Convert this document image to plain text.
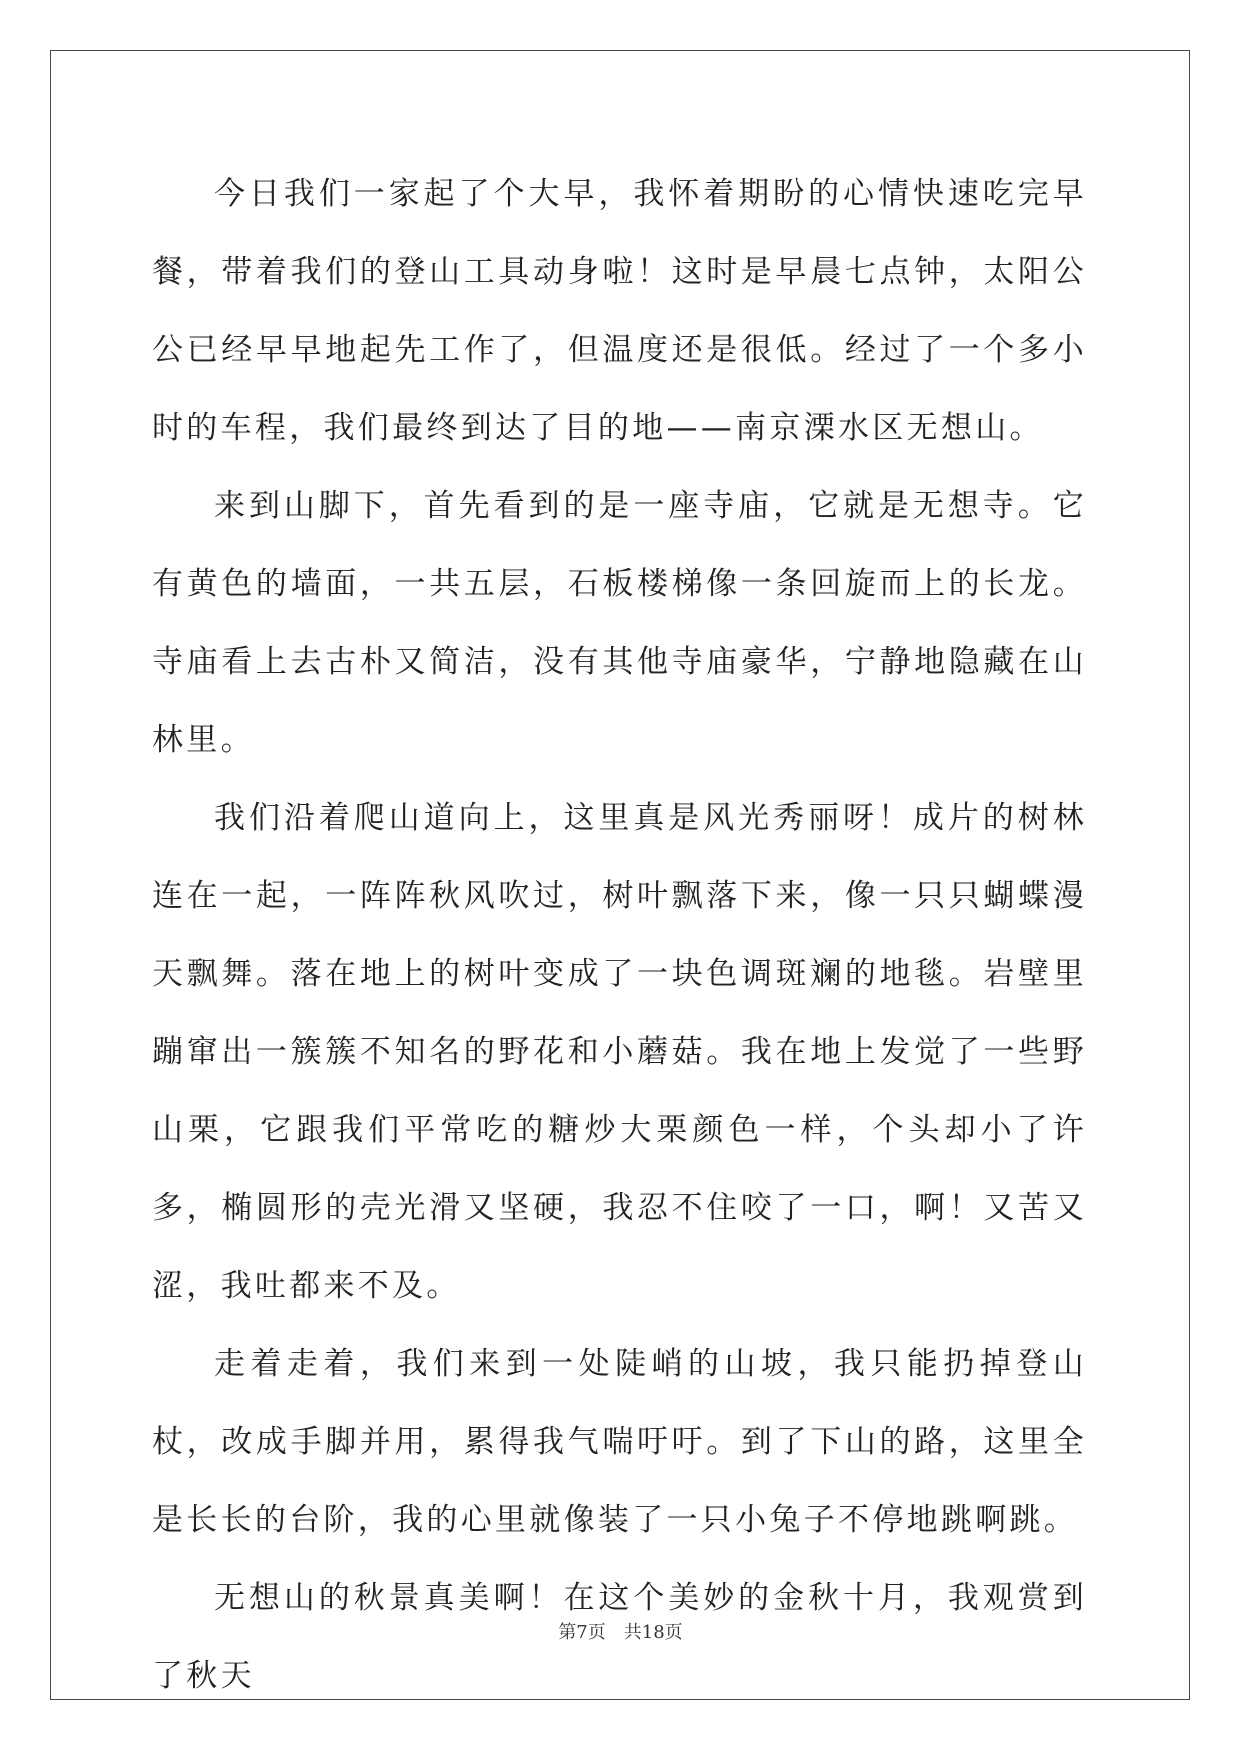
今日我们一家起了个大早，我怀着期盼的心情快速吃完早餐，带着我们的登山工具动身啦！这时是早晨七点钟，太阳公公已经早早地起先工作了，但温度还是很低。经过了一个多小时的车程，我们最终到达了目的地——南京溧水区无想山。

来到山脚下，首先看到的是一座寺庙，它就是无想寺。它有黄色的墙面，一共五层，石板楼梯像一条回旋而上的长龙。寺庙看上去古朴又简洁，没有其他寺庙豪华，宁静地隐藏在山林里。

我们沿着爬山道向上，这里真是风光秀丽呀！成片的树林连在一起，一阵阵秋风吹过，树叶飘落下来，像一只只蝴蝶漫天飘舞。落在地上的树叶变成了一块色调斑斓的地毯。岩壁里蹦窜出一簇簇不知名的野花和小蘑菇。我在地上发觉了一些野山栗，它跟我们平常吃的糖炒大栗颜色一样，个头却小了许多，椭圆形的壳光滑又坚硬，我忍不住咬了一口，啊！又苦又涩，我吐都来不及。

走着走着，我们来到一处陡峭的山坡，我只能扔掉登山杖，改成手脚并用，累得我气喘吁吁。到了下山的路，这里全是长长的台阶，我的心里就像装了一只小兔子不停地跳啊跳。

无想山的秋景真美啊！在这个美妙的金秋十月，我观赏到了秋天

第7页 共18页
